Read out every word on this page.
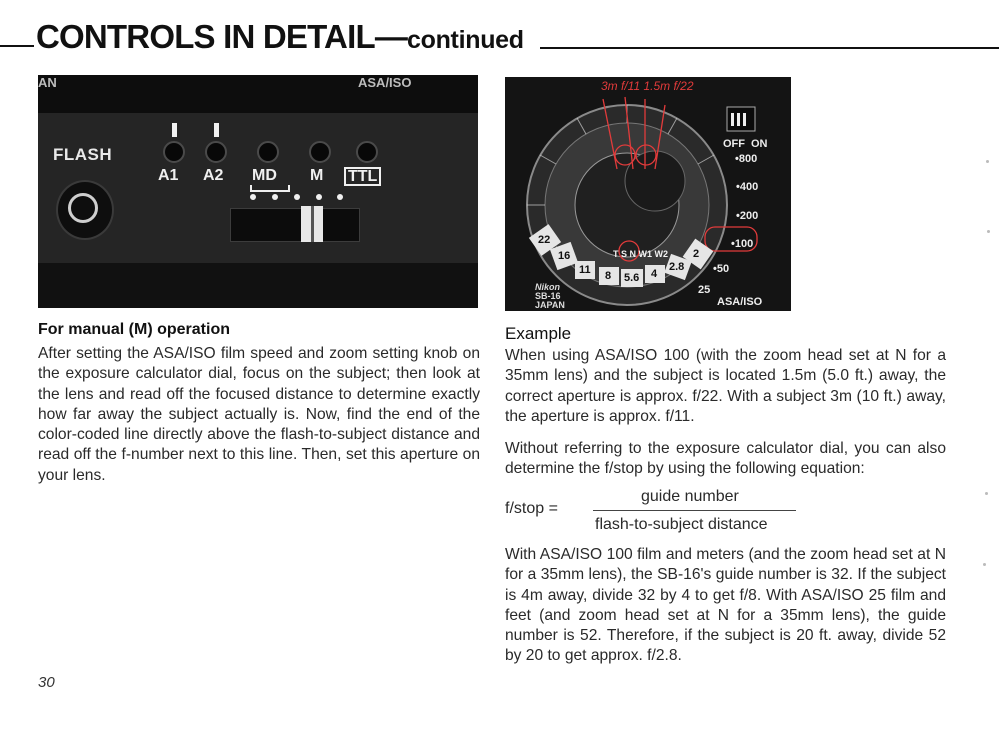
CONTROLS IN DETAIL—continued
AN	ASA/ISO
FLASH
A1 A2 MD M TTL
3m f/11 1.5m f/22
OFF ON
•800
•400
•200
•100
•50
25
ASA/ISO
T S N W1 W2
22
16
11 8 5.6 4
2.8
2
Nikon
SB-16
JAPAN
For manual (M) operation
After setting the ASA/ISO film speed and zoom setting knob on the exposure calculator dial, focus on the subject; then look at the lens and read off the focused distance to determine exactly how far away the subject actually is. Now, find the end of the color-coded line directly above the flash-to-subject distance and read off the f-number next to this line. Then, set this aperture on your lens.
30
Example
When using ASA/ISO 100 (with the zoom head set at N for a 35mm lens) and the subject is located 1.5m (5.0 ft.) away, the correct aperture is approx. f/22. With a subject 3m (10 ft.) away, the aperture is approx. f/11.
Without referring to the exposure calculator dial, you can also determine the f/stop by using the following equation:
f/stop =
guide number
flash-to-subject distance
With ASA/ISO 100 film and meters (and the zoom head set at N for a 35mm lens), the SB-16's guide number is 32. If the subject is 4m away, divide 32 by 4 to get f/8. With ASA/ISO 25 film and feet (and zoom head set at N for a 35mm lens), the guide number is 52. Therefore, if the subject is 20 ft. away, divide 52 by 20 to get approx. f/2.8.
